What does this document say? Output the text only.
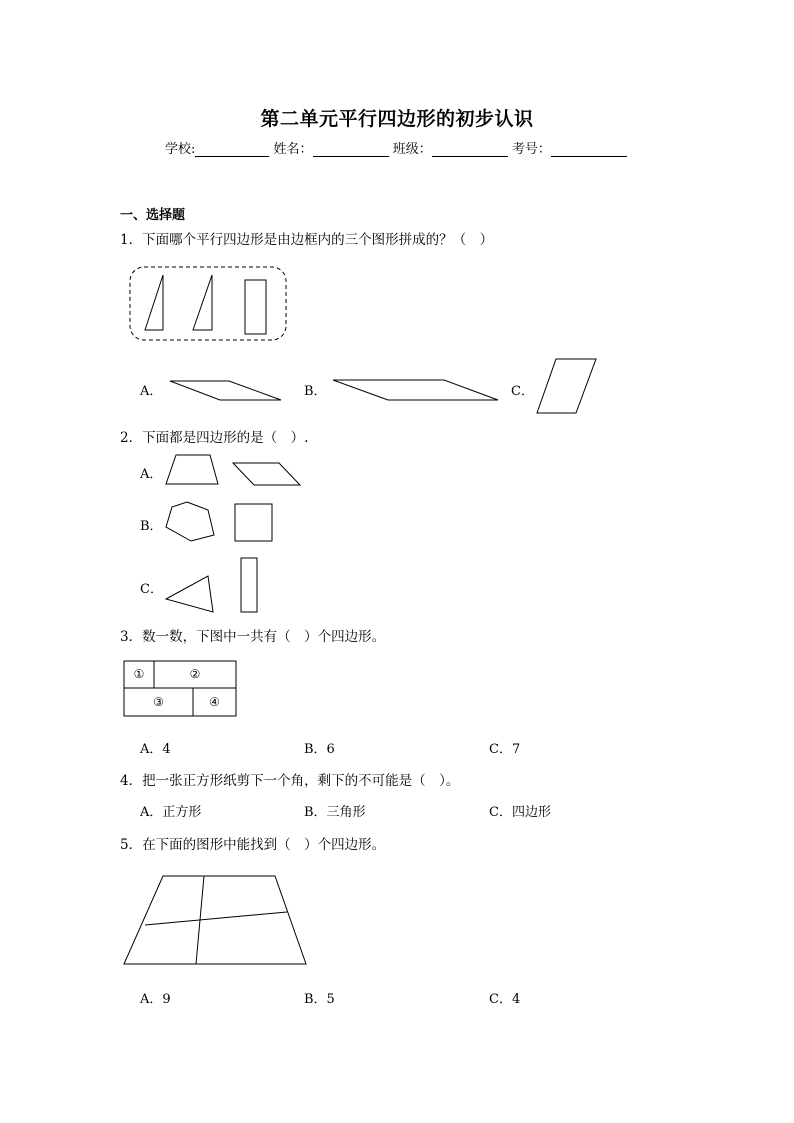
第二单元平行四边形的初步认识
学校:	姓名：	班级：	考号：
一、选择题
1．下面哪个平行四边形是由边框内的三个图形拼成的？（　）
A．	B．	C．
2．下面都是四边形的是（　）.
A．
B．
C．
3．数一数，下图中一共有（　）个四边形。
①	②
③	④
A．4	B．6	C．7
4．把一张正方形纸剪下一个角，剩下的不可能是（　）。
A．正方形	B．三角形	C．四边形
5．在下面的图形中能找到（　）个四边形。
A．9	B．5	C．4
